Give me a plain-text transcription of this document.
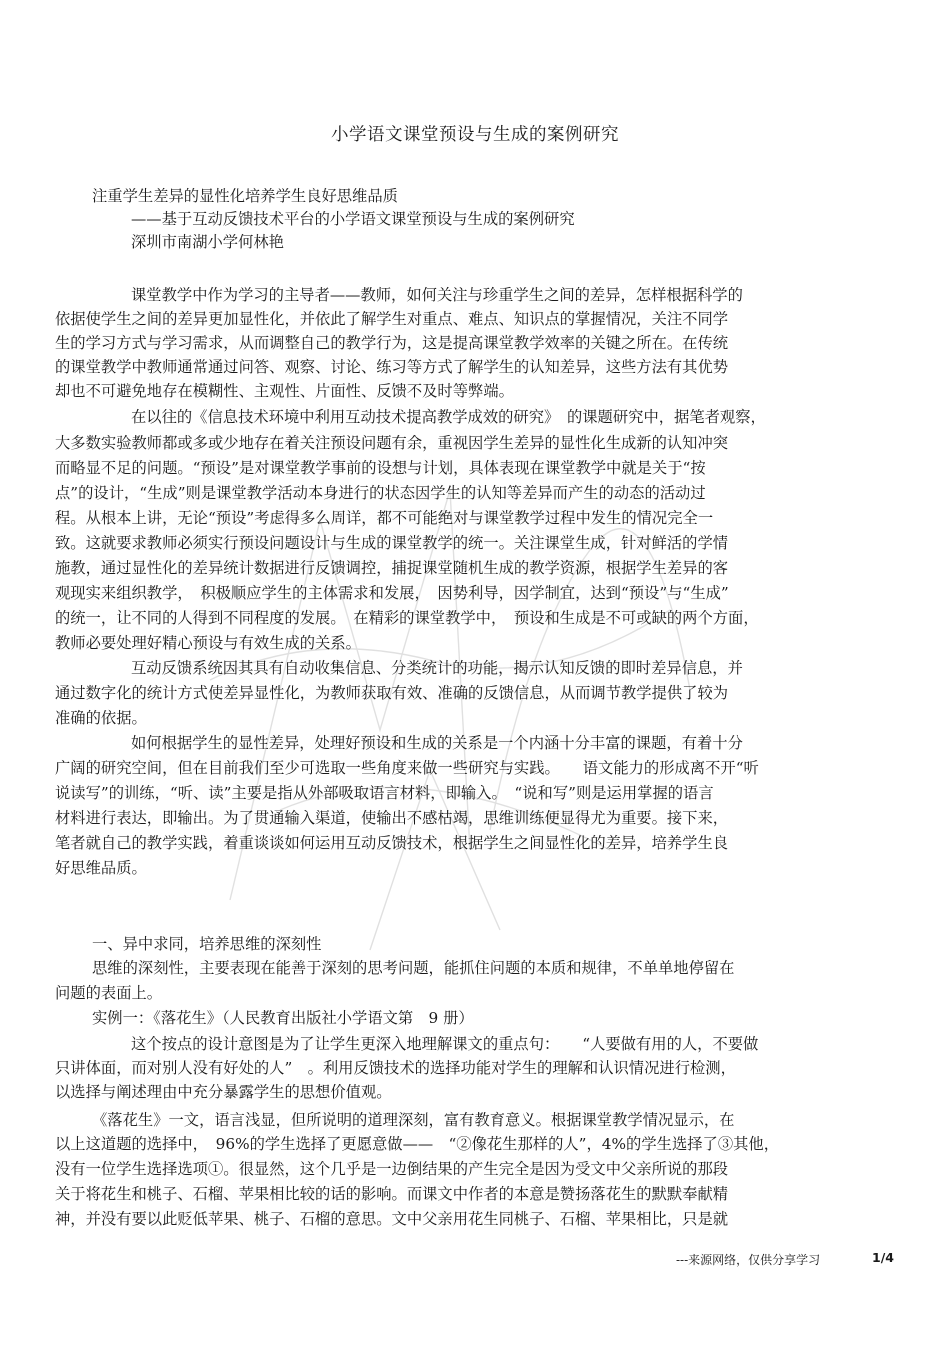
小学语文课堂预设与生成的案例研究
注重学生差异的显性化培养学生良好思维品质
——基于互动反馈技术平台的小学语文课堂预设与生成的案例研究
深圳市南湖小学何林艳
课堂教学中作为学习的主导者——教师，如何关注与珍重学生之间的差异，怎样根据科学的
依据使学生之间的差异更加显性化，并依此了解学生对重点、难点、知识点的掌握情况，关注不同学
生的学习方式与学习需求，从而调整自己的教学行为，这是提高课堂教学效率的关键之所在。在传统
的课堂教学中教师通常通过问答、观察、讨论、练习等方式了解学生的认知差异，这些方法有其优势
却也不可避免地存在模糊性、主观性、片面性、反馈不及时等弊端。
在以往的《信息技术环境中利用互动技术提高教学成效的研究》　的课题研究中，据笔者观察，
大多数实验教师都或多或少地存在着关注预设问题有余，重视因学生差异的显性化生成新的认知冲突
而略显不足的问题。“预设”是对课堂教学事前的设想与计划，具体表现在课堂教学中就是关于“按
点”的设计，“生成”则是课堂教学活动本身进行的状态因学生的认知等差异而产生的动态的活动过
程。从根本上讲，无论“预设”考虑得多么周详，都不可能绝对与课堂教学过程中发生的情况完全一
致。这就要求教师必须实行预设问题设计与生成的课堂教学的统一。关注课堂生成，针对鲜活的学情
施教，通过显性化的差异统计数据进行反馈调控，捕捉课堂随机生成的教学资源，根据学生差异的客
观现实来组织教学，　积极顺应学生的主体需求和发展，　因势利导，因学制宜，达到“预设”与“生成”
的统一，让不同的人得到不同程度的发展。　在精彩的课堂教学中，　预设和生成是不可或缺的两个方面，
教师必要处理好精心预设与有效生成的关系。
互动反馈系统因其具有自动收集信息、分类统计的功能，揭示认知反馈的即时差异信息，并
通过数字化的统计方式使差异显性化，为教师获取有效、准确的反馈信息，从而调节教学提供了较为
准确的依据。
如何根据学生的显性差异，处理好预设和生成的关系是一个内涵十分丰富的课题，有着十分
广阔的研究空间，但在目前我们至少可选取一些角度来做一些研究与实践。　　语文能力的形成离不开“听
说读写”的训练，“听、读”主要是指从外部吸取语言材料，即输入。　“说和写”则是运用掌握的语言
材料进行表达，即输出。为了贯通输入渠道，使输出不感枯竭，思维训练便显得尤为重要。接下来，
笔者就自己的教学实践，着重谈谈如何运用互动反馈技术，根据学生之间显性化的差异，培养学生良
好思维品质。
一、异中求同，培养思维的深刻性
思维的深刻性，主要表现在能善于深刻的思考问题，能抓住问题的本质和规律，不单单地停留在
问题的表面上。
实例一：《落花生》（人民教育出版社小学语文第　9 册）
这个按点的设计意图是为了让学生更深入地理解课文的重点句：　　“人要做有用的人，不要做
只讲体面，而对别人没有好处的人”　。利用反馈技术的选择功能对学生的理解和认识情况进行检测，
以选择与阐述理由中充分暴露学生的思想价值观。
《落花生》一文，语言浅显，但所说明的道理深刻，富有教育意义。根据课堂教学情况显示，在
以上这道题的选择中，　96%的学生选择了更愿意做——　“②像花生那样的人”，4%的学生选择了③其他，
没有一位学生选择选项①。很显然，这个几乎是一边倒结果的产生完全是因为受文中父亲所说的那段
关于将花生和桃子、石榴、苹果相比较的话的影响。而课文中作者的本意是赞扬落花生的默默奉献精
神，并没有要以此贬低苹果、桃子、石榴的意思。文中父亲用花生同桃子、石榴、苹果相比，只是就
---来源网络，仅供分享学习	1/4
